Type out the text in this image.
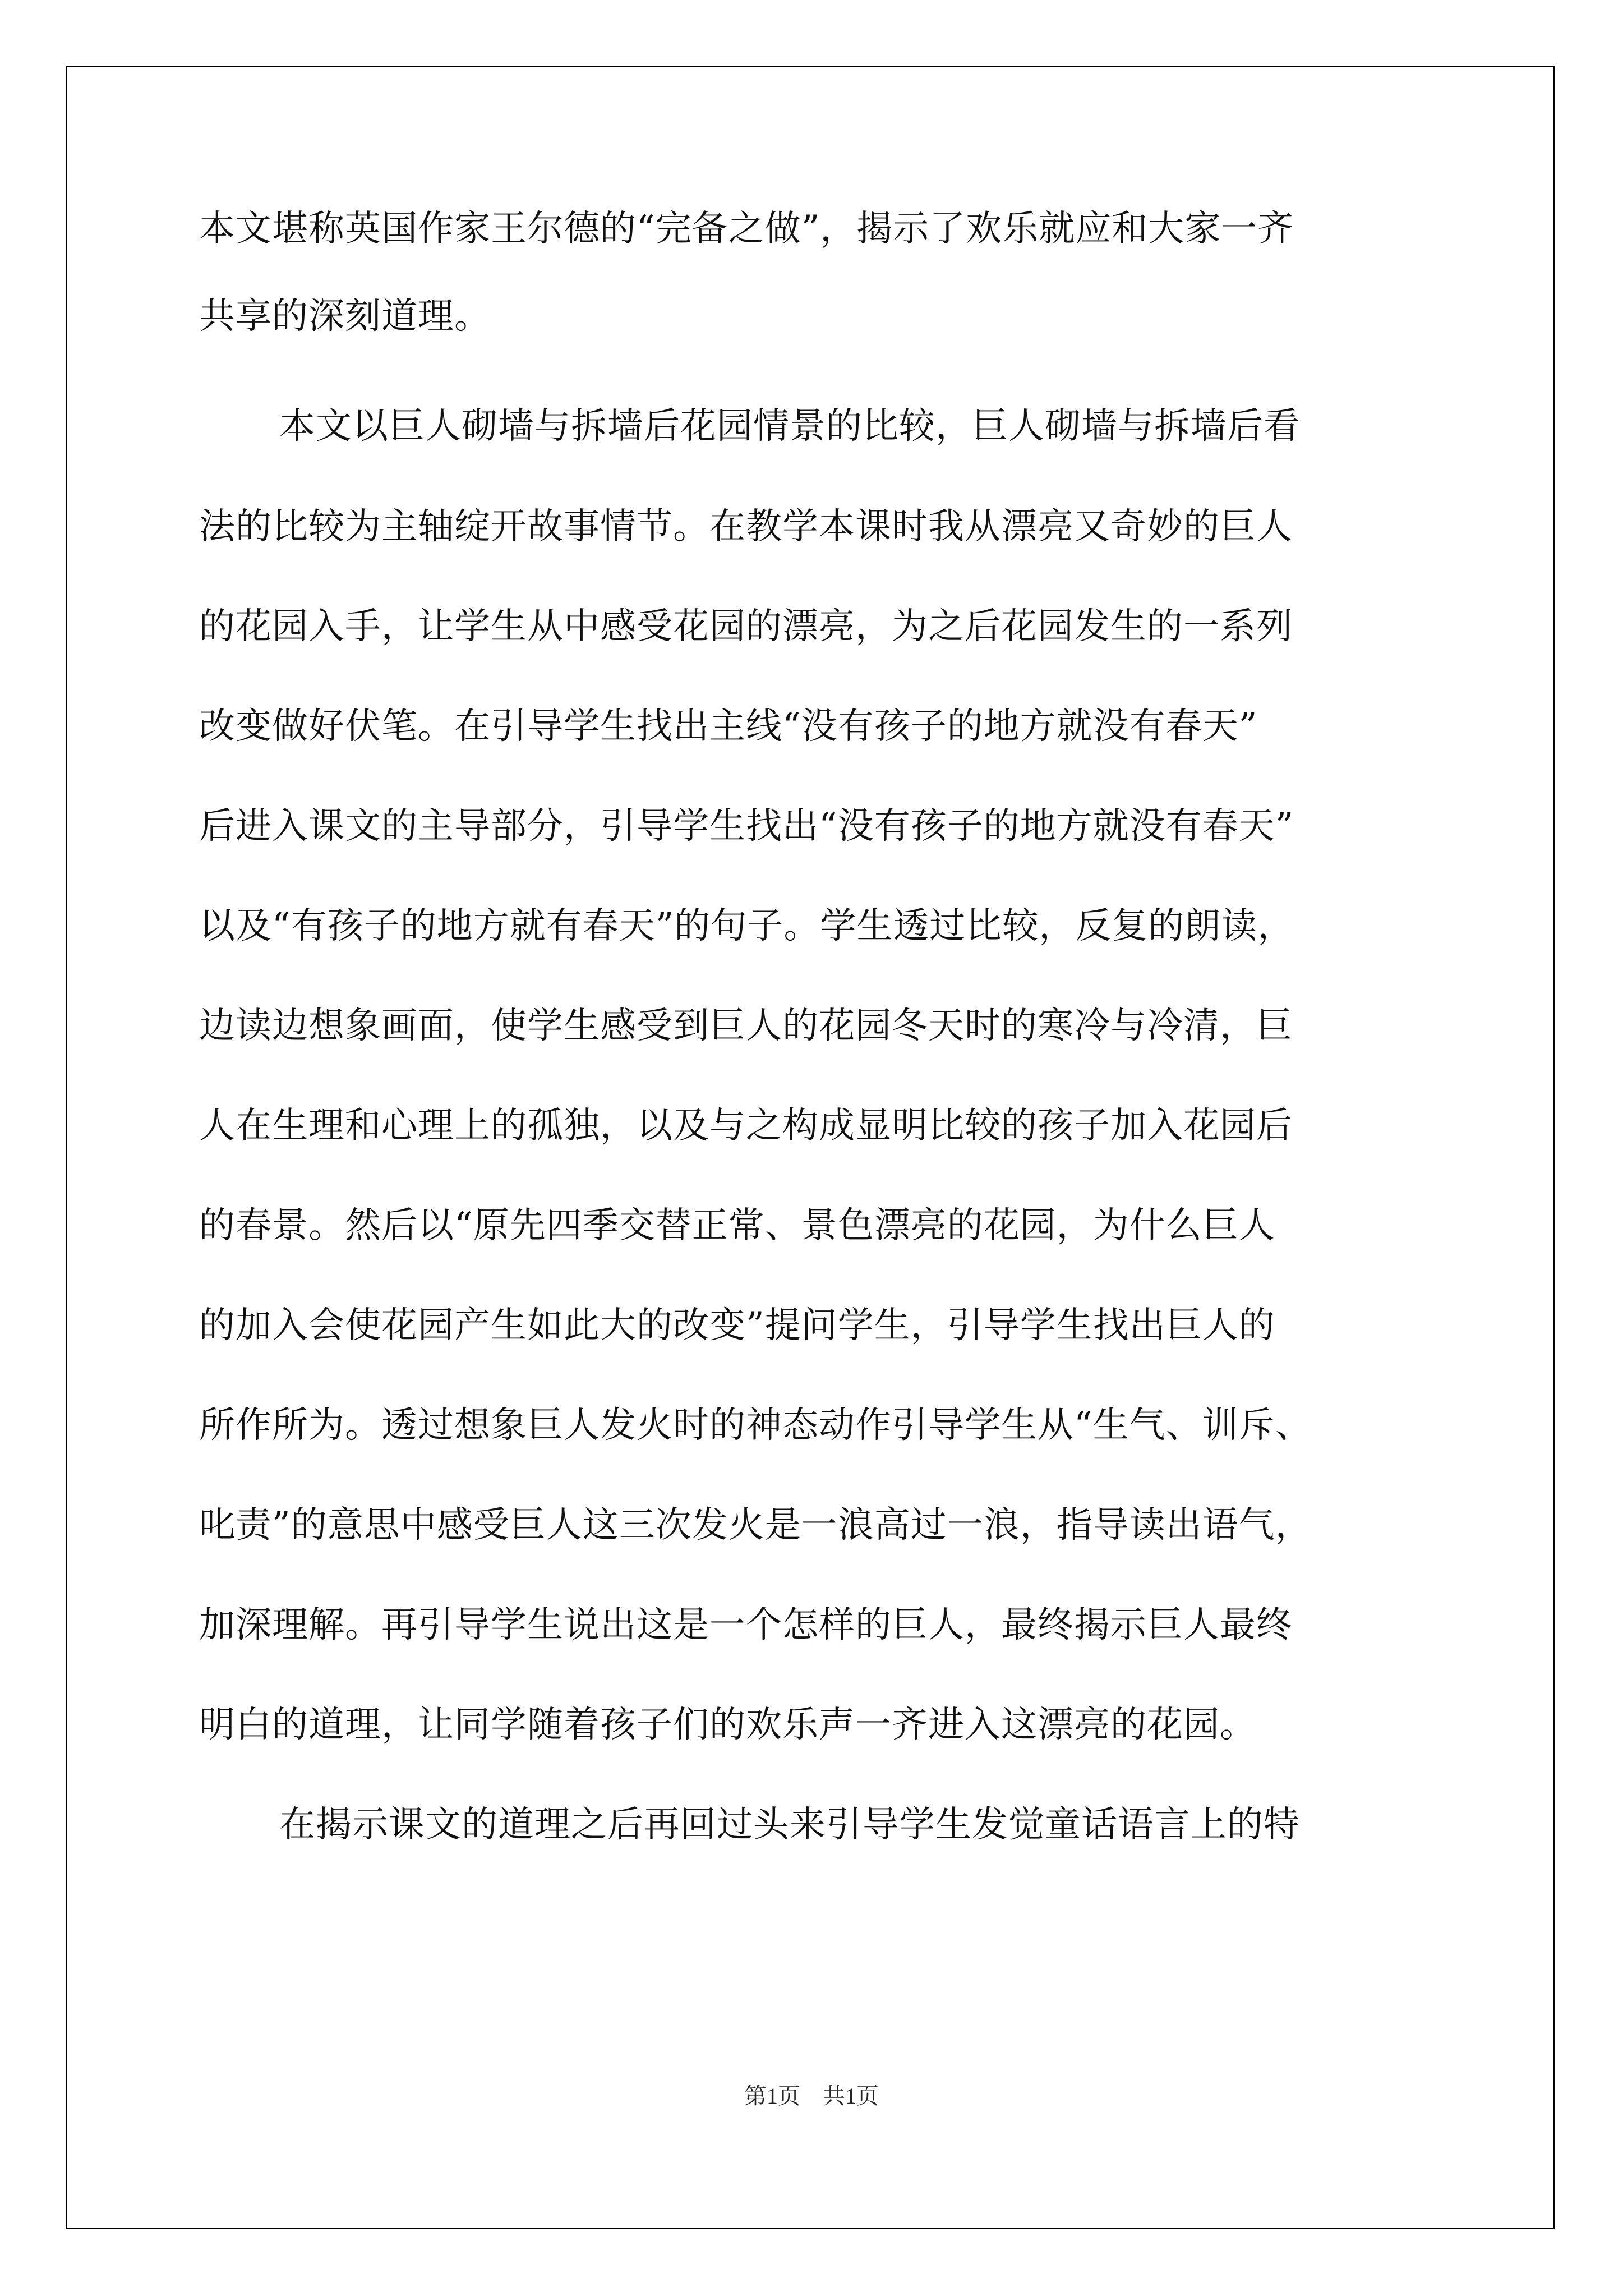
本文堪称英国作家王尔德的“完备之做”，揭示了欢乐就应和大家一齐
共享的深刻道理。
本文以巨人砌墙与拆墙后花园情景的比较，巨人砌墙与拆墙后看
法的比较为主轴绽开故事情节。在教学本课时我从漂亮又奇妙的巨人
的花园入手，让学生从中感受花园的漂亮，为之后花园发生的一系列
改变做好伏笔。在引导学生找出主线“没有孩子的地方就没有春天”
后进入课文的主导部分，引导学生找出“没有孩子的地方就没有春天”
以及“有孩子的地方就有春天”的句子。学生透过比较，反复的朗读，
边读边想象画面，使学生感受到巨人的花园冬天时的寒冷与冷清，巨
人在生理和心理上的孤独，以及与之构成显明比较的孩子加入花园后
的春景。然后以“原先四季交替正常、景色漂亮的花园，为什么巨人
的加入会使花园产生如此大的改变”提问学生，引导学生找出巨人的
所作所为。透过想象巨人发火时的神态动作引导学生从“生气、训斥、
叱责”的意思中感受巨人这三次发火是一浪高过一浪，指导读出语气，
加深理解。再引导学生说出这是一个怎样的巨人，最终揭示巨人最终
明白的道理，让同学随着孩子们的欢乐声一齐进入这漂亮的花园。
在揭示课文的道理之后再回过头来引导学生发觉童话语言上的特
第1页　共1页
